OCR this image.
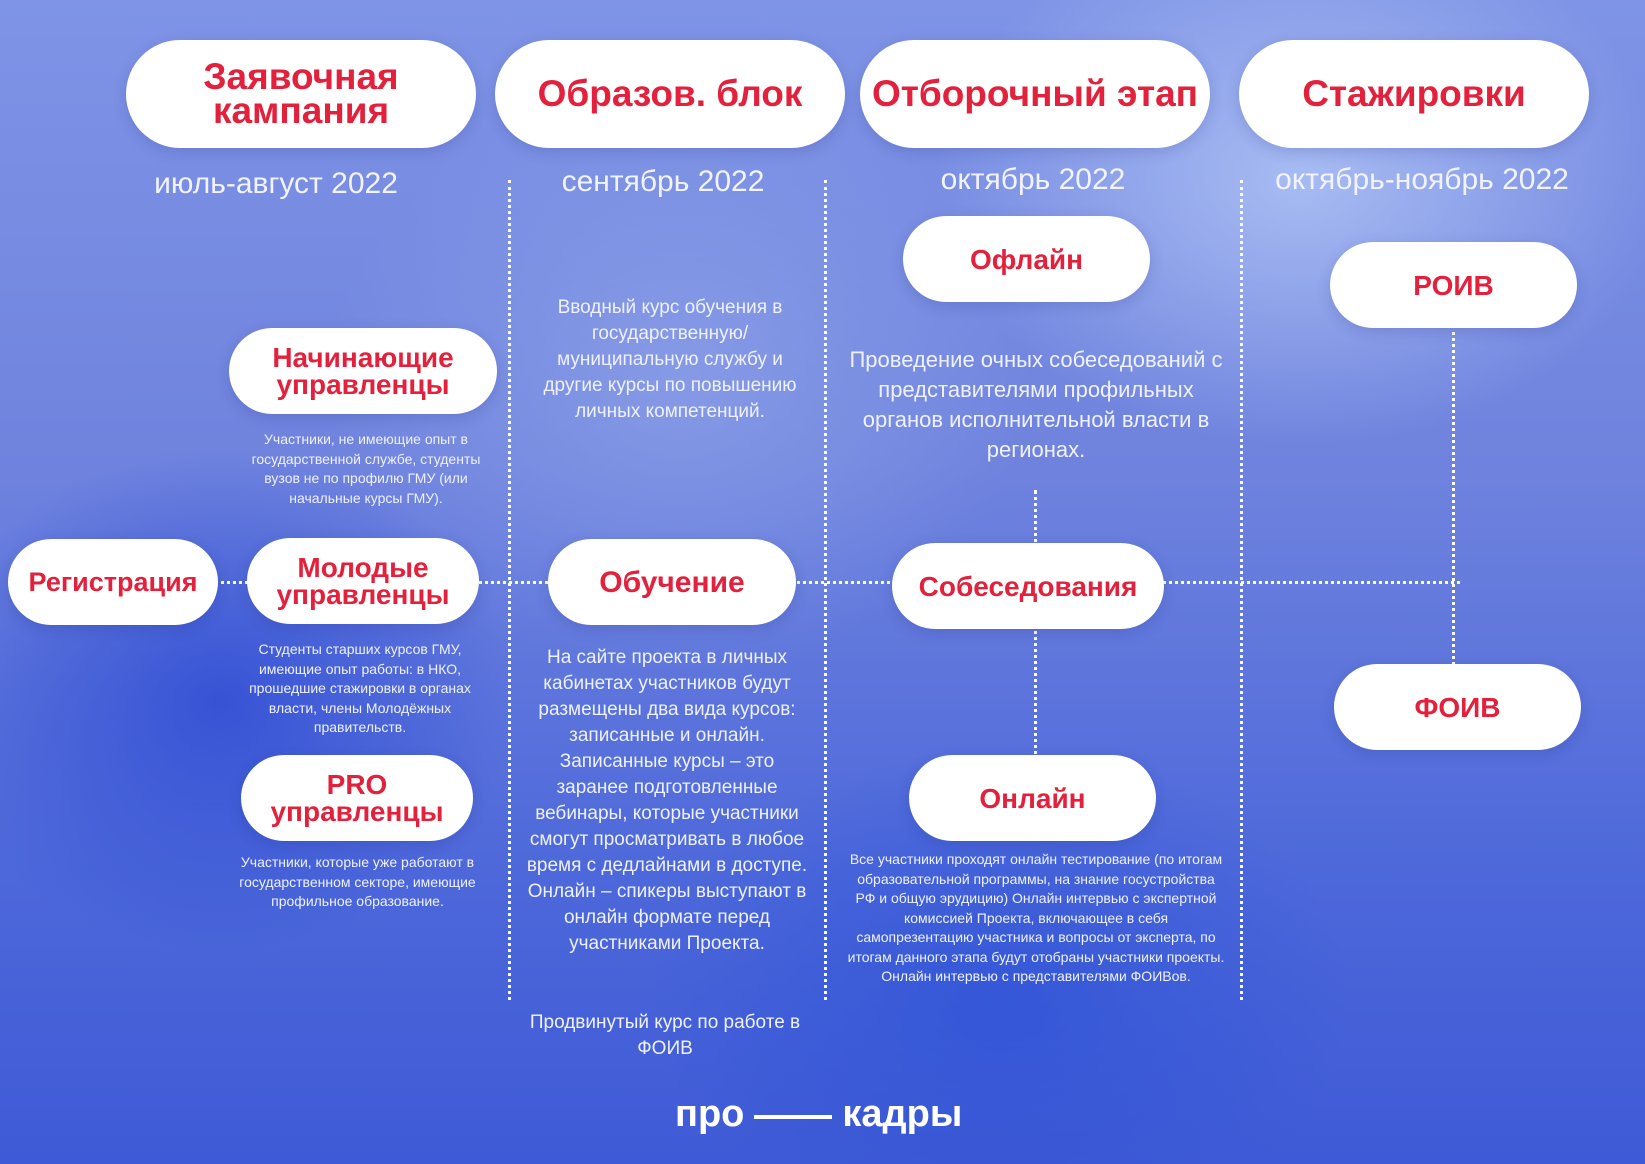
Заявочная кампания	Образов. блок	Отборочный этап	Стажировки
июль-август 2022	сентябрь 2022	октябрь 2022	октябрь-ноябрь 2022
Начинающие управленцы
Участники, не имеющие опыт в государственной службе, студенты вузов не по профилю ГМУ (или начальные курсы ГМУ).
Регистрация	Молодые управленцы
Студенты старших курсов ГМУ, имеющие опыт работы: в НКО, прошедшие стажировки в органах власти, члены Молодёжных правительств.
PRO управленцы
Участники, которые уже работают в государственном секторе, имеющие профильное образование.
Вводный курс обучения в государственную/ муниципальную службу и другие курсы по повышению личных компетенций.
Обучение
На сайте проекта в личных кабинетах участников будут размещены два вида курсов: записанные и онлайн. Записанные курсы – это заранее подготовленные вебинары, которые участники смогут просматривать в любое время с дедлайнами в доступе. Онлайн – спикеры выступают в онлайн формате перед участниками Проекта.
Продвинутый курс по работе в ФОИВ
Офлайн
Проведение очных собеседований с представителями профильных органов исполнительной власти в регионах.
Собеседования
Онлайн
Все участники проходят онлайн тестирование (по итогам образовательной программы, на знание госустройства РФ и общую эрудицию) Онлайн интервью с экспертной комиссией Проекта, включающее в себя самопрезентацию участника и вопросы от эксперта, по итогам данного этапа будут отобраны участники проекты. Онлайн интервью с представителями ФОИВов.
РОИВ
ФОИВ
про	кадры
